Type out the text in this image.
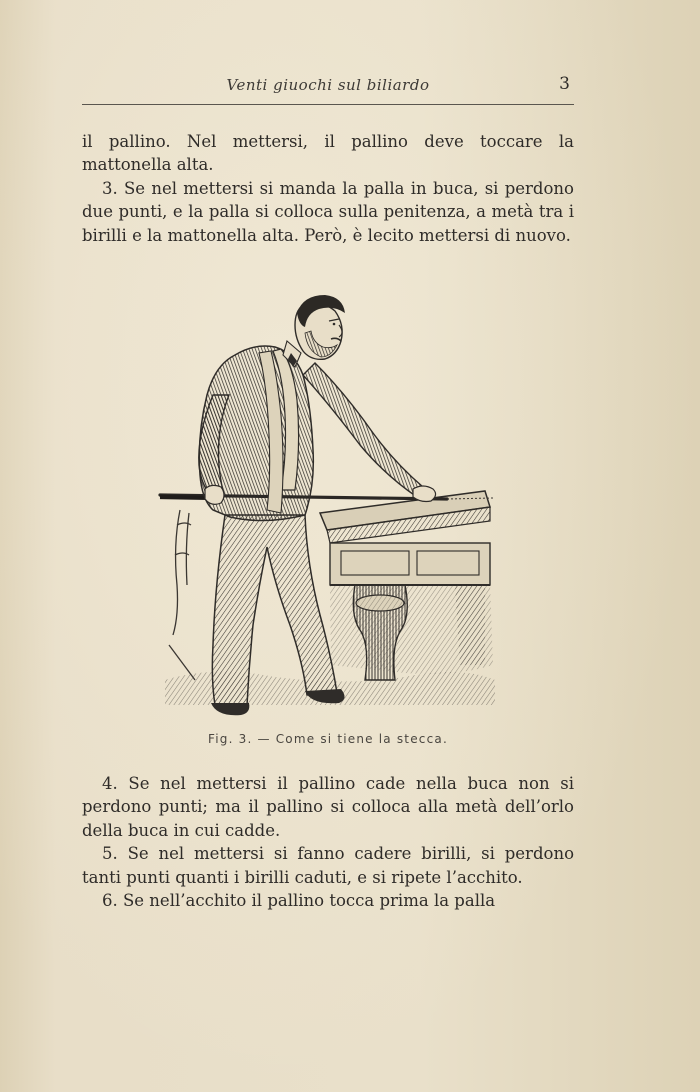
Venti giuochi sul biliardo	3

il pallino. Nel mettersi, il pallino deve toccare la mattonella alta.

3. Se nel mettersi si manda la palla in buca, si perdono due punti, e la palla si colloca sulla penitenza, a metà tra i birilli e la mattonella alta. Però, è lecito mettersi di nuovo.

Fig. 3. — Come si tiene la stecca.

4. Se nel mettersi il pallino cade nella buca non si perdono punti; ma il pallino si colloca alla metà dell’orlo della buca in cui cadde.

5. Se nel mettersi si fanno cadere birilli, si perdono tanti punti quanti i birilli caduti, e si ripete l’acchito.

6. Se nell’acchito il pallino tocca prima la palla
